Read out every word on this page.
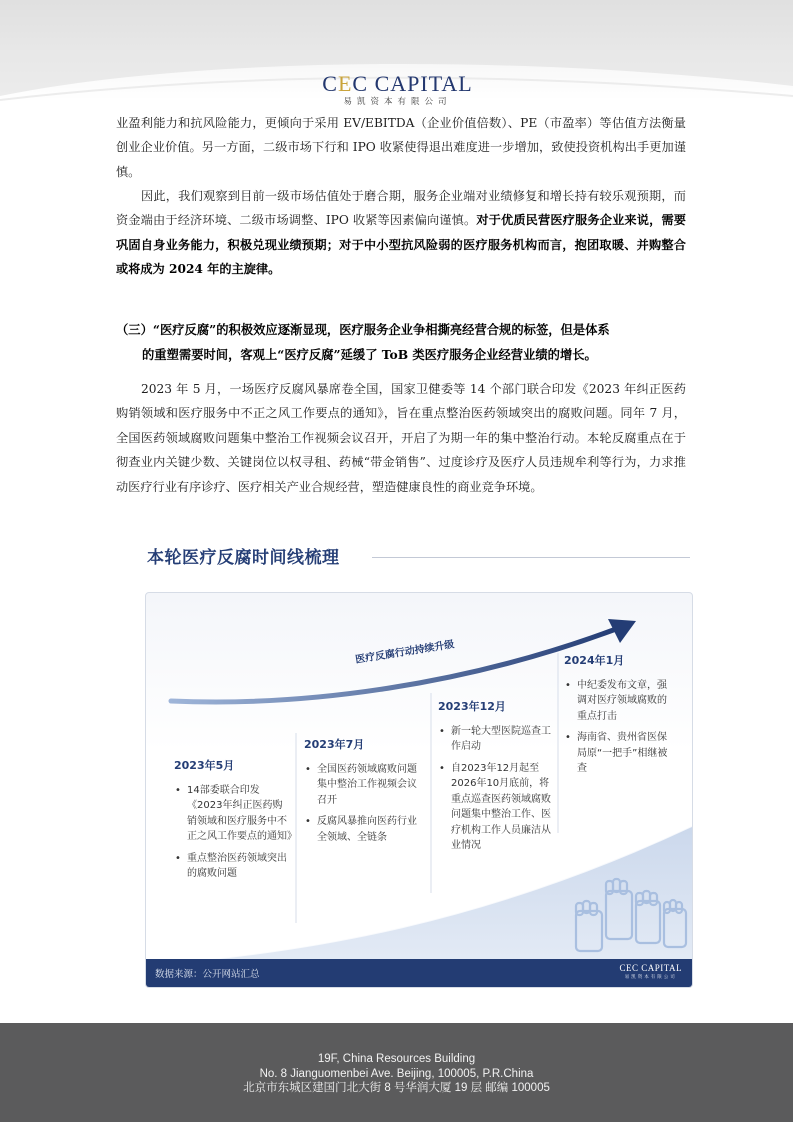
CEC CAPITAL
易凯资本有限公司
业盈利能力和抗风险能力，更倾向于采用 EV/EBITDA（企业价值倍数）、PE（市盈率）等估值方法衡量创业企业价值。另一方面，二级市场下行和 IPO 收紧使得退出难度进一步增加，致使投资机构出手更加谨慎。
因此，我们观察到目前一级市场估值处于磨合期，服务企业端对业绩修复和增长持有较乐观预期，而资金端由于经济环境、二级市场调整、IPO 收紧等因素偏向谨慎。对于优质民营医疗服务企业来说，需要巩固自身业务能力，积极兑现业绩预期；对于中小型抗风险弱的医疗服务机构而言，抱团取暖、并购整合或将成为 2024 年的主旋律。
（三）“医疗反腐”的积极效应逐渐显现，医疗服务企业争相撕亮经营合规的标签，但是体系
的重塑需要时间，客观上“医疗反腐”延缓了 ToB 类医疗服务企业经营业绩的增长。
2023 年 5 月，一场医疗反腐风暴席卷全国，国家卫健委等 14 个部门联合印发《2023 年纠正医药购销领域和医疗服务中不正之风工作要点的通知》，旨在重点整治医药领域突出的腐败问题。同年 7 月，全国医药领域腐败问题集中整治工作视频会议召开，开启了为期一年的集中整治行动。本轮反腐重点在于彻查业内关键少数、关键岗位以权寻租、药械“带金销售”、过度诊疗及医疗人员违规牟利等行为，力求推动医疗行业有序诊疗、医疗相关产业合规经营，塑造健康良性的商业竞争环境。
本轮医疗反腐时间线梳理
医疗反腐行动持续升级
2023年5月
• 14部委联合印发《2023年纠正医药购销领域和医疗服务中不正之风工作要点的通知》
• 重点整治医药领域突出的腐败问题
2023年7月
• 全国医药领域腐败问题集中整治工作视频会议召开
• 反腐风暴推向医药行业全领域、全链条
2023年12月
• 新一轮大型医院巡查工作启动
• 自2023年12月起至2026年10月底前，将重点巡查医药领域腐败问题集中整治工作、医疗机构工作人员廉洁从业情况
2024年1月
• 中纪委发布文章，强调对医疗领域腐败的重点打击
• 海南省、贵州省医保局原“一把手”相继被查
数据来源：公开网站汇总
CEC CAPITAL
易凯资本有限公司
19F, China Resources Building
No. 8 Jianguomenbei Ave. Beijing, 100005, P.R.China
北京市东城区建国门北大街 8 号华润大厦 19 层 邮编 100005
